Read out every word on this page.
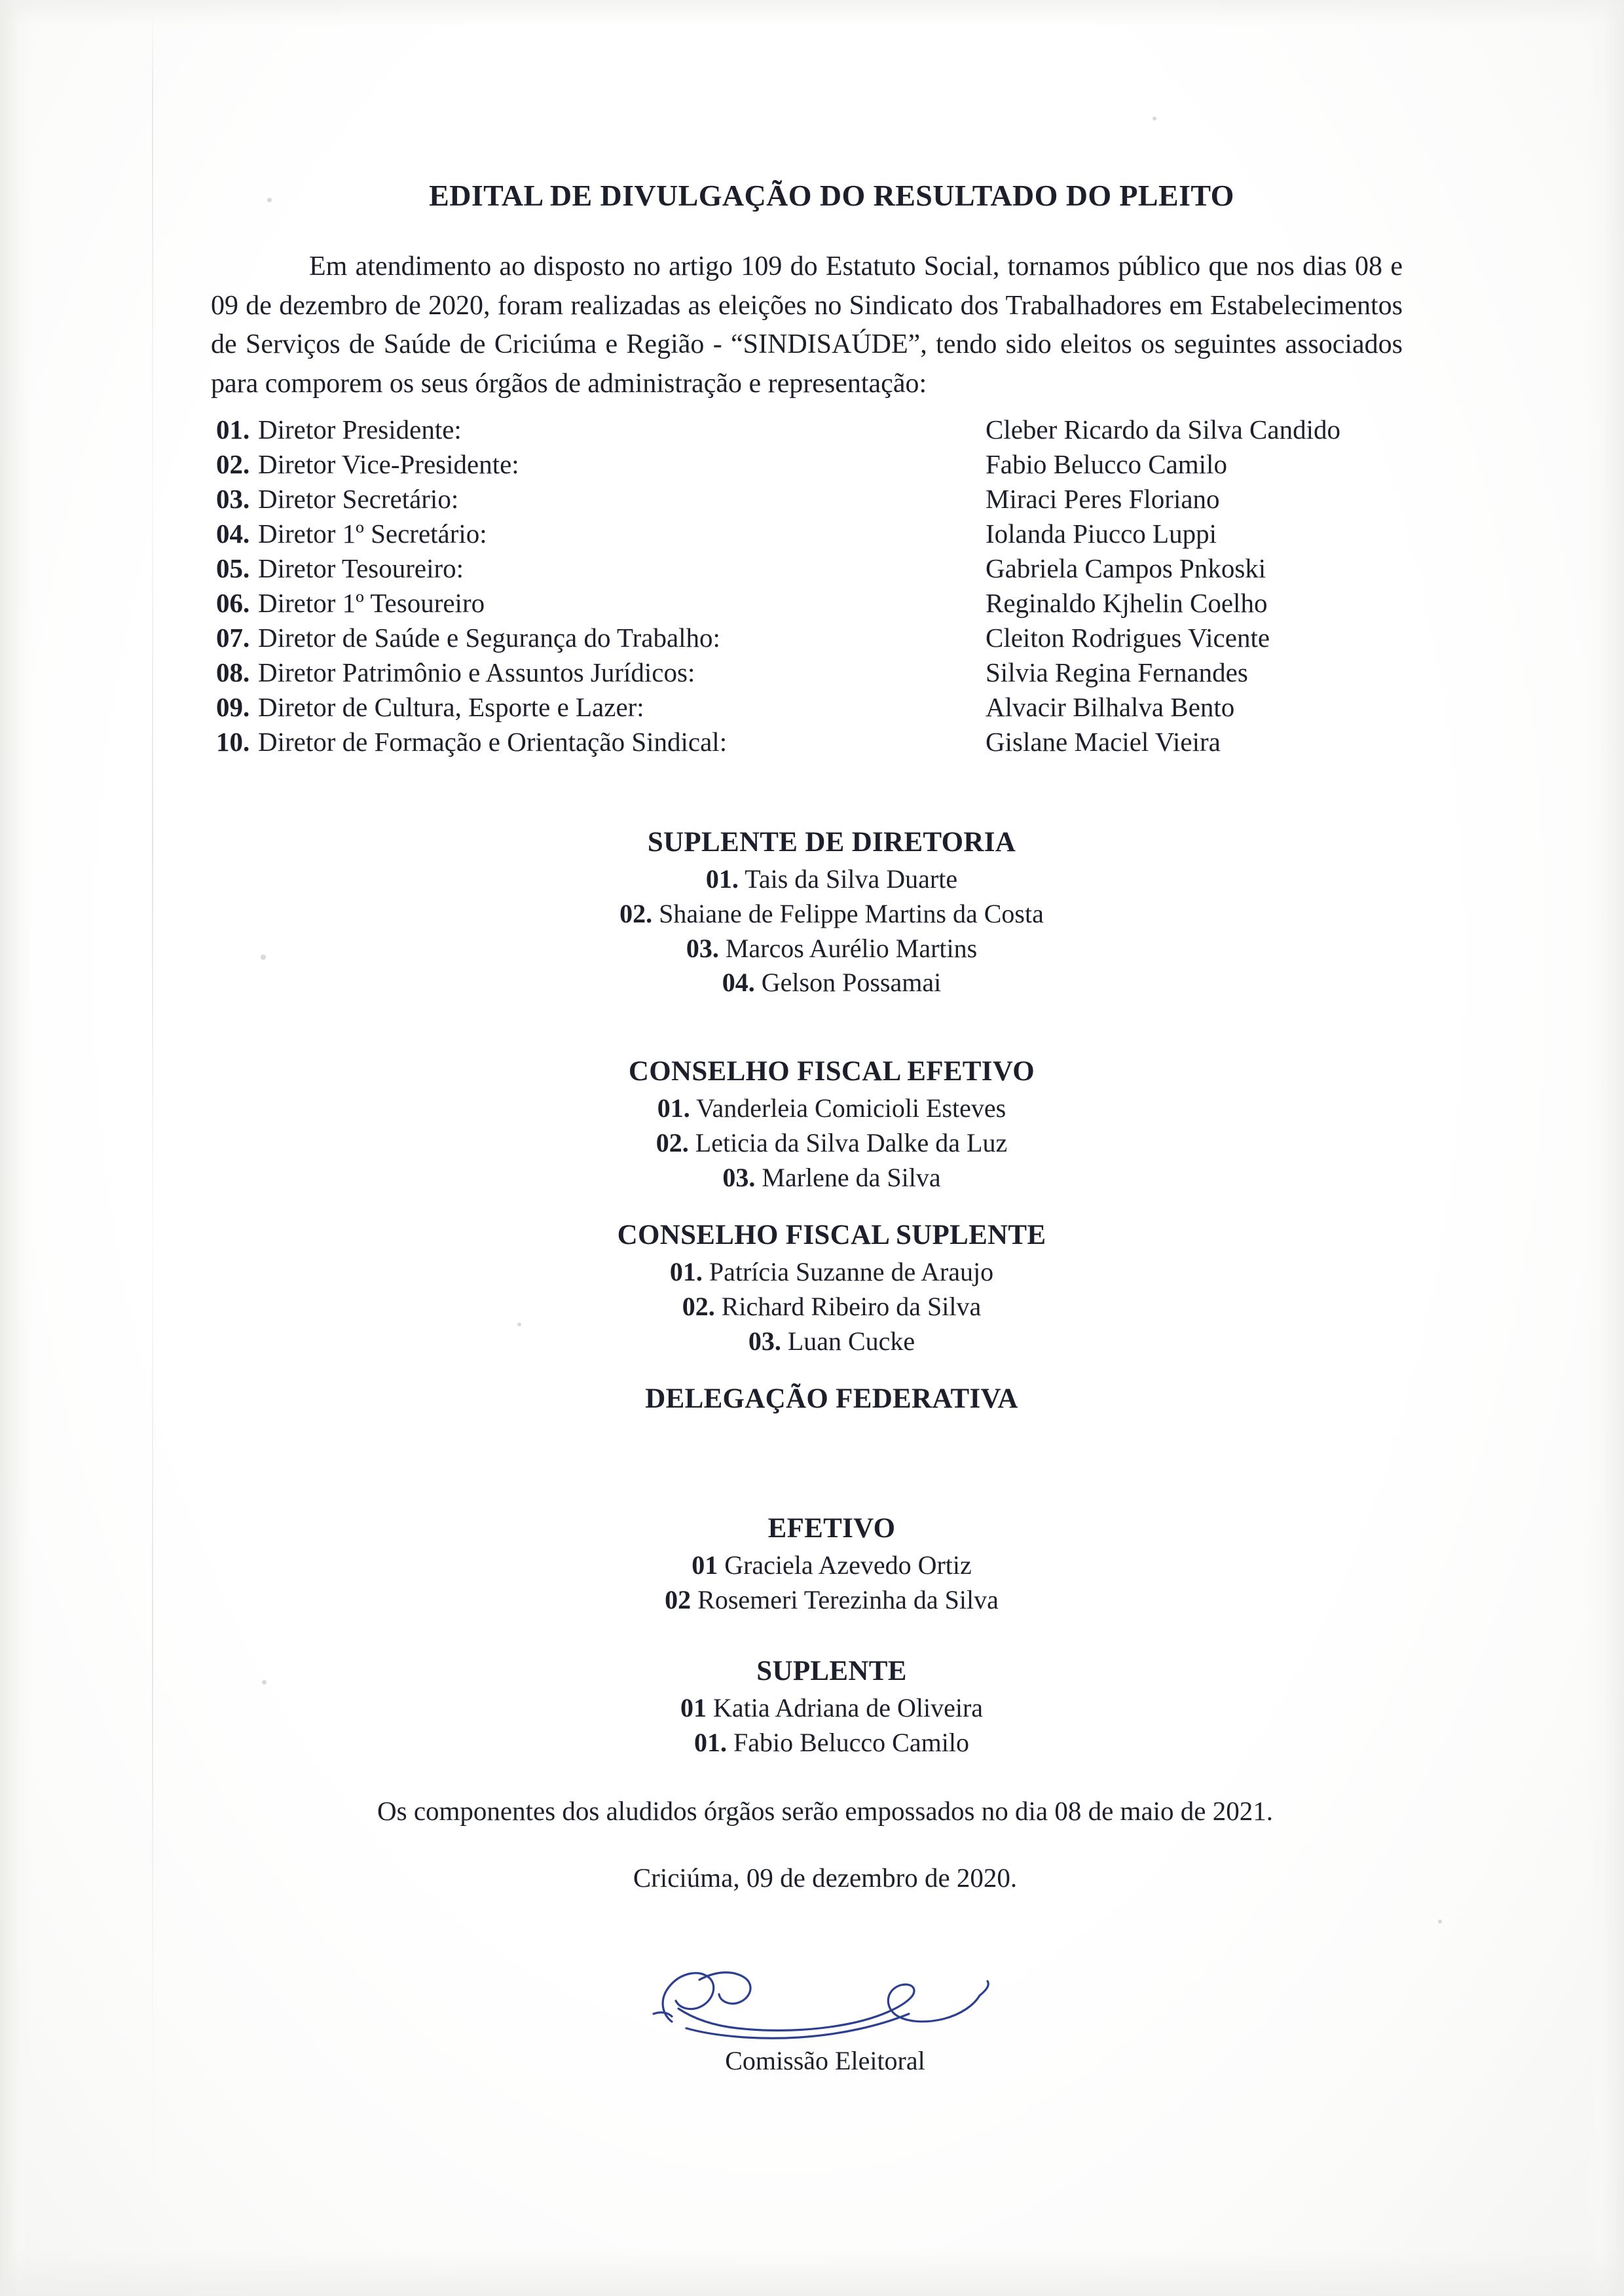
EDITAL DE DIVULGAÇÃO DO RESULTADO DO PLEITO
Em atendimento ao disposto no artigo 109 do Estatuto Social, tornamos público que nos dias 08 e 09 de dezembro de 2020, foram realizadas as eleições no Sindicato dos Trabalhadores em Estabelecimentos de Serviços de Saúde de Criciúma e Região - “SINDISAÚDE”, tendo sido eleitos os seguintes associados para comporem os seus órgãos de administração e representação:
01. Diretor Presidente:	Cleber Ricardo da Silva Candido
02. Diretor Vice-Presidente:	Fabio Belucco Camilo
03. Diretor Secretário:	Miraci Peres Floriano
04. Diretor 1º Secretário:	Iolanda Piucco Luppi
05. Diretor Tesoureiro:	Gabriela Campos Pnkoski
06. Diretor 1º Tesoureiro	Reginaldo Kjhelin Coelho
07. Diretor de Saúde e Segurança do Trabalho:	Cleiton Rodrigues Vicente
08. Diretor Patrimônio e Assuntos Jurídicos:	Silvia Regina Fernandes
09. Diretor de Cultura, Esporte e Lazer:	Alvacir Bilhalva Bento
10. Diretor de Formação e Orientação Sindical:	Gislane Maciel Vieira
SUPLENTE DE DIRETORIA
01. Tais da Silva Duarte
02. Shaiane de Felippe Martins da Costa
03. Marcos Aurélio Martins
04. Gelson Possamai
CONSELHO FISCAL EFETIVO
01. Vanderleia Comicioli Esteves
02. Leticia da Silva Dalke da Luz
03. Marlene da Silva
CONSELHO FISCAL SUPLENTE
01. Patrícia Suzanne de Araujo
02. Richard Ribeiro da Silva
03. Luan Cucke
DELEGAÇÃO FEDERATIVA
EFETIVO
01 Graciela Azevedo Ortiz
02 Rosemeri Terezinha da Silva
SUPLENTE
01 Katia Adriana de Oliveira
01. Fabio Belucco Camilo
Os componentes dos aludidos órgãos serão empossados no dia 08 de maio de 2021.
Criciúma, 09 de dezembro de 2020.
Comissão Eleitoral
